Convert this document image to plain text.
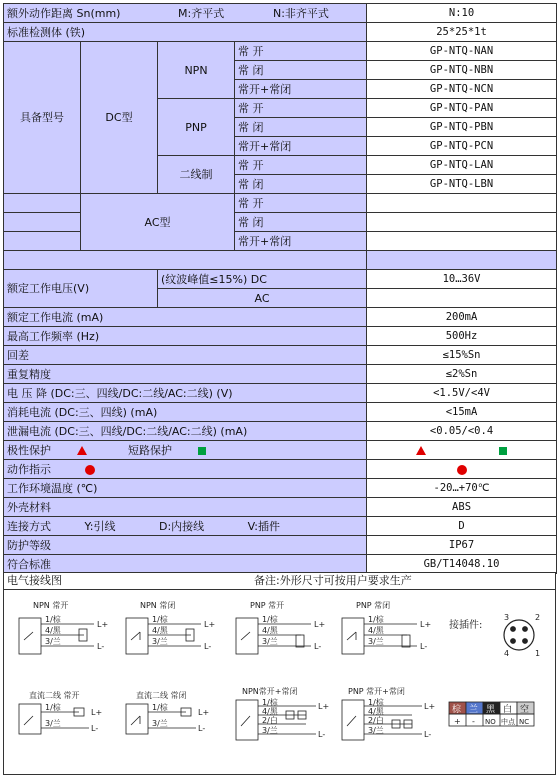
额外动作距离 Sn(mm) M:齐平式 N:非齐平式				N:10
标准检测体 (铁)				25*25*1t
具备型号	DC型	NPN	常 开	GP-NTQ-NAN
			常 闭	GP-NTQ-NBN
			常开+常闭	GP-NTQ-NCN
		PNP	常 开	GP-NTQ-PAN
			常 闭	GP-NTQ-PBN
			常开+常闭	GP-NTQ-PCN
		二线制	常 开	GP-NTQ-LAN
			常 闭	GP-NTQ-LBN
	AC型		常 开	
			常 闭	
			常开+常闭	

额定工作电压(V)		(纹波峰值≤15%) DC		10…36V
		AC		
额定工作电流 (mA)				200mA
最高工作频率 (Hz)				500Hz
回差				≤15%Sn
重复精度				≤2%Sn
电 压 降 (DC:三、四线/DC:二线/AC:二线) (V)				<1.5V/<4V
消耗电流 (DC:三、四线) (mA)				<15mA
泄漏电流 (DC:三、四线/DC:二线/AC:二线) (mA)				<0.05/<0.4
极性保护 短路保护				
动作指示				
工作环境温度 (℃)				-20…+70℃
外壳材料				ABS
连接方式 Y:引线 D:内接线 V:插件				D
防护等级				IP67
符合标准				GB/T14048.10
电气接线图	备注:外形尺寸可按用户要求生产
NPN 常开
1/棕
4/黑
3/兰
L+
L-
NPN 常闭
1/棕
4/黑
3/兰
L+
L-
PNP 常开
1/棕
4/黑
3/兰
L+
L-
PNP 常闭
1/棕
4/黑
3/兰
L+
L-
接插件:
3	2
4	1
直流二线 常开
1/棕
3/兰
L+
L-
直流二线 常闭
1/棕
3/兰
L+
L-
NPN常开+常闭
1/棕
4/黑
2/白
3/兰
L+
L-
PNP 常开+常闭
1/棕
4/黑
2/白
3/兰
L+
L-
棕 兰 黑 白 空
+ - NO 中点 NC
